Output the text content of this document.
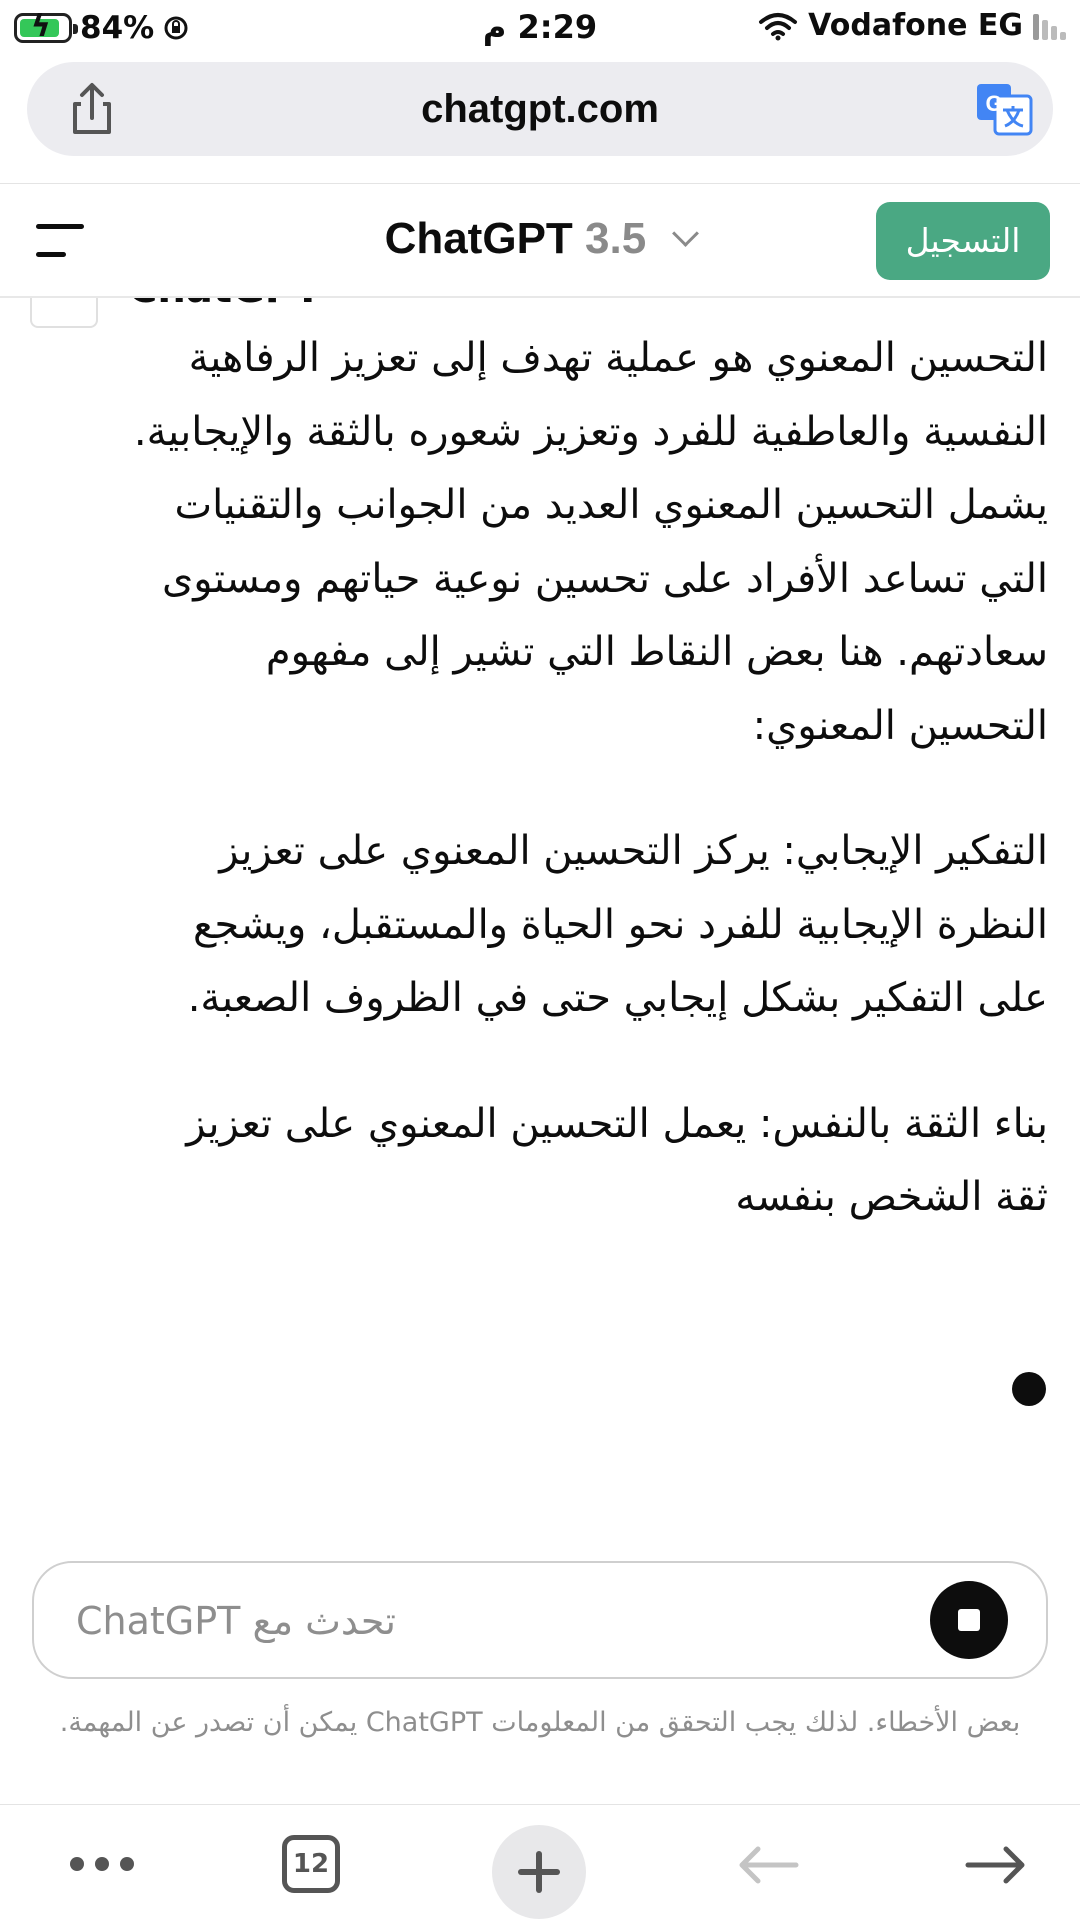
ϟ 84%	2:29 م	Vodafone EG
chatgpt.com	G
ChatGPT 3.5	التسجيل

التحسين المعنوي هو عملية تهدف إلى تعزيز الرفاهية النفسية والعاطفية للفرد وتعزيز شعوره بالثقة والإيجابية. يشمل التحسين المعنوي العديد من الجوانب والتقنيات التي تساعد الأفراد على تحسين نوعية حياتهم ومستوى سعادتهم. هنا بعض النقاط التي تشير إلى مفهوم التحسين المعنوي:

التفكير الإيجابي: يركز التحسين المعنوي على تعزيز النظرة الإيجابية للفرد نحو الحياة والمستقبل، ويشجع على التفكير بشكل إيجابي حتى في الظروف الصعبة.

بناء الثقة بالنفس: يعمل التحسين المعنوي على تعزيز ثقة الشخص بنفسه

تحدث مع ChatGPT
بعض الأخطاء. لذلك يجب التحقق من المعلومات ChatGPT يمكن أن تصدر عن المهمة.
12
